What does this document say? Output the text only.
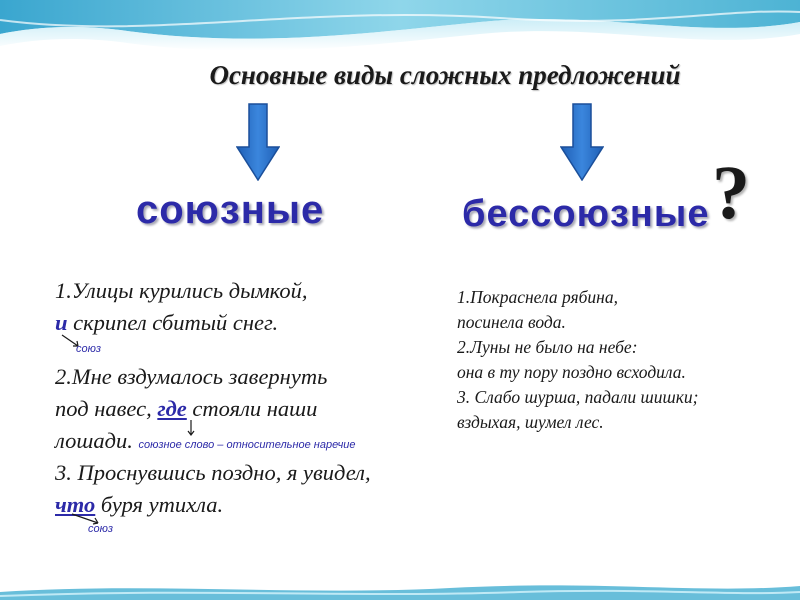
Основные виды сложных предложений
союзные	бессоюзные ?
1.Улицы курились дымкой,
и скрипел сбитый снег.
союз
2.Мне вздумалось завернуть
под навес, где стояли наши
лошади. союзное слово – относительное наречие
3. Проснувшись поздно, я увидел,
что буря утихла.
союз
1.Покраснела рябина,
посинела вода.
2.Луны не было на небе:
она в ту пору поздно всходила.
3. Слабо шурша, падали шишки;
вздыхая, шумел лес.
